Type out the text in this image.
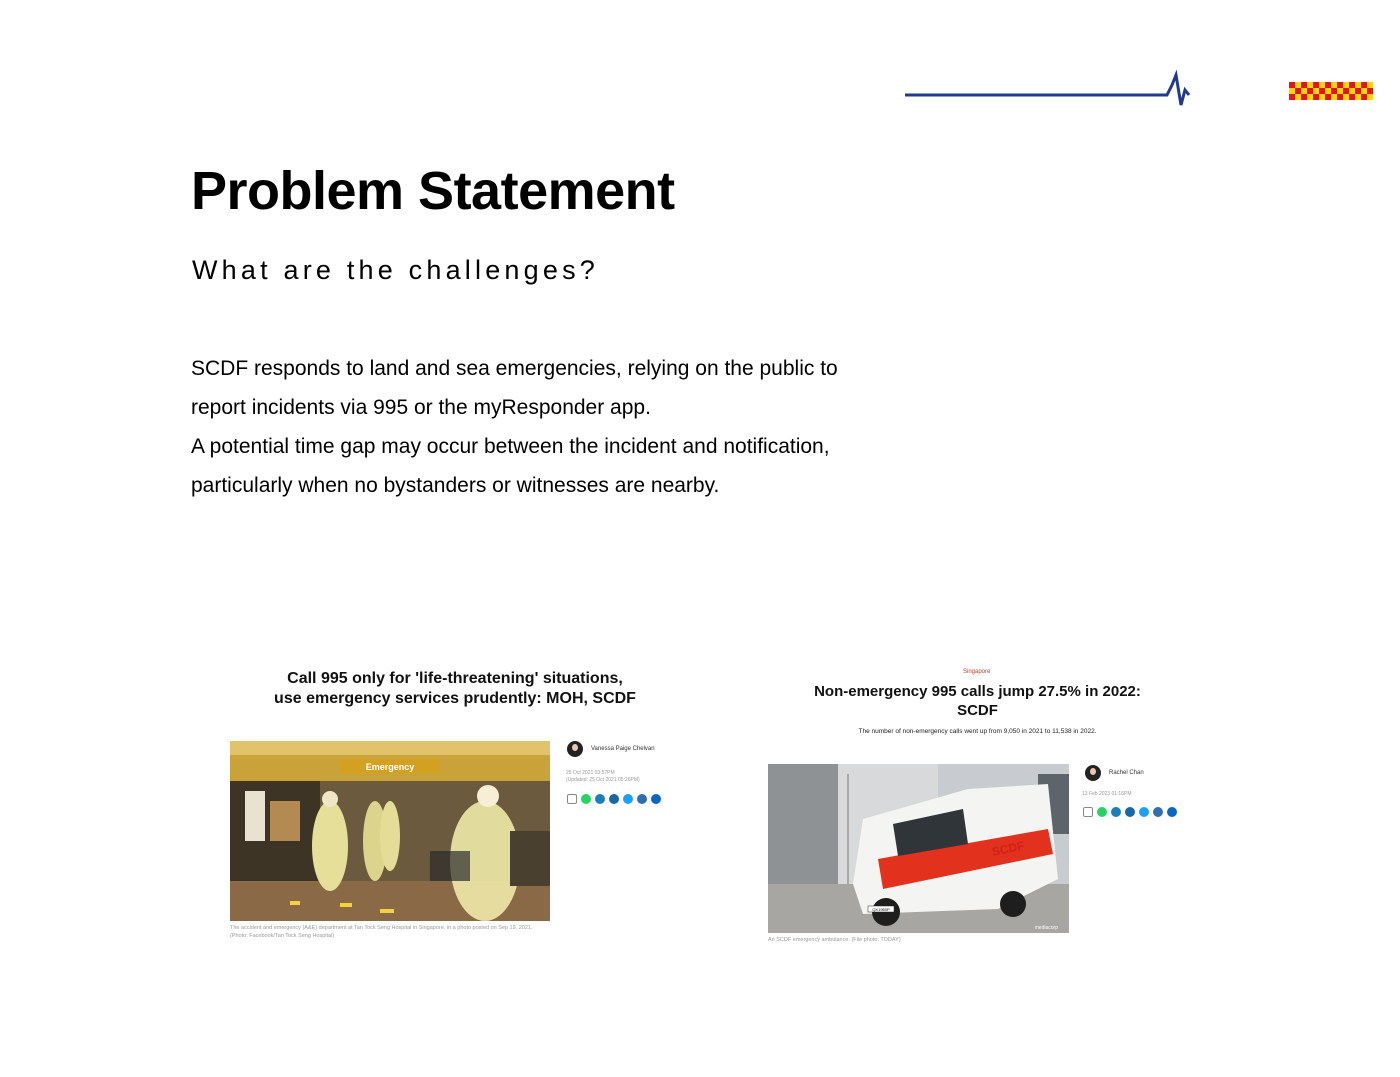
Problem Statement
What are the challenges?

SCDF responds to land and sea emergencies, relying on the public to

report incidents via 995 or the myResponder app.

A potential time gap may occur between the incident and notification,

particularly when no bystanders or witnesses are nearby.

Call 995 only for 'life-threatening' situations,
use emergency services prudently: MOH, SCDF
Emergency
The accident and emergency (A&E) department at Tan Tock Seng Hospital in Singapore, in a photo posted on Sep 19, 2021. (Photo: Facebook/Tan Tock Seng Hospital)
Vanessa Paige Chelvan
25 Oct 2021 03:57PM
(Updated: 25 Oct 2021 05:26PM)
Singapore
Non-emergency 995 calls jump 27.5% in 2022:
SCDF
The number of non-emergency calls went up from 9,050 in 2021 to 11,538 in 2022.
SCDF
QX1950P
mediacorp
An SCDF emergency ambulance. (File photo: TODAY)
Rachel Chan
13 Feb 2023 01:16PM
